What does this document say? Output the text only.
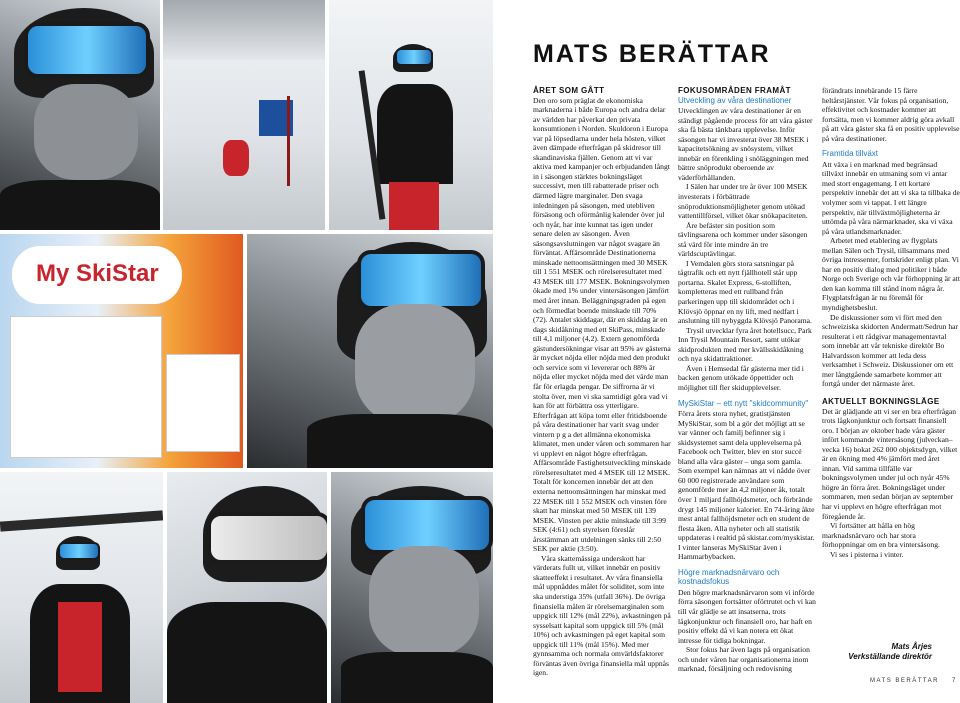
My SkiStar
MATS BERÄTTAR
ÅRET SOM GÅTT

Den oro som präglat de ekonomiska marknaderna i både Europa och andra delar av världen har påverkat den privata konsumtionen i Norden. Skuldoron i Europa var på löpsedlarna under hela hösten, vilket även dämpade efterfrågan på skidresor till skandinaviska fjällen. Genom att vi var aktiva med kampanjer och erbjudanden långt in i säsongen stärktes bokningsläget successivt, men till rabatterade priser och därmed lägre marginaler. Den svaga inledningen på säsongen, med utebliven försäsong och oförmånlig kalender över jul och nyår, har inte kunnat tas igen under senare delen av säsongen. Även säsongsavslutningen var något svagare än förväntat. Affärsområde Destinationerna minskade nettoomsättningen med 30 MSEK till 1 551 MSEK och rörelseresultatet med 43 MSEK till 177 MSEK. Bokningsvolymen ökade med 1% under vintersäsongen jämfört med året innan. Beläggningsgraden på egen och förmedlat boende minskade till 70% (72). Antalet skiddagar, där en skiddag är en dags skidåkning med ett SkiPass, minskade till 4,1 miljoner (4,2). Extern genomförda gästundersökningar visar att 95% av gästerna är mycket nöjda eller nöjda med den produkt och service som vi levererar och 88% är nöjda eller mycket nöjda med det värde man får för erlagda pengar. De siffrorna är vi stolta över, men vi ska samtidigt göra vad vi kan för att förbättra oss ytterligare. Efterfrågan att köpa tomt eller fritidsboende på våra destinationer har varit svag under vintern p g a det allmänna ekonomiska klimatet, men under våren och sommaren har vi upplevt en något högre efterfrågan. Affärsområde Fastighetsutveckling minskade rörelseresultatet med 4 MSEK till 12 MSEK. Totalt för koncernen innebär det att den externa nettoomsättningen har minskat med 22 MSEK till 1 552 MSEK och vinsten före skatt har minskat med 50 MSEK till 139 MSEK. Vinsten per aktie minskade till 3:99 SEK (4:61) och styrelsen föreslår årsstämman att utdelningen sänks till 2:50 SEK per aktie (3:50).

Våra skattemässiga underskott har värderats fullt ut, vilket innebär en positiv skatteeffekt i resultatet. Av våra finansiella mål uppnåddes målet för soliditet, som inte ska understiga 35% (utfall 36%). De övriga finansiella målen är rörelsemarginalen som uppgick till 12% (mål 22%), avkastningen på sysselsatt kapital som uppgick till 5% (mål 10%) och avkastningen på eget kapital som uppgick till 11% (mål 15%). Med mer gynnsamma och normala omvärldsfaktorer förväntas även övriga finansiella mål uppnås igen.

FOKUSOMRÅDEN FRAMÅT
Utveckling av våra destinationer

Utvecklingen av våra destinationer är en ständigt pågående process för att våra gäster ska få bästa tänkbara upplevelse. Inför säsongen har vi investerat över 38 MSEK i kapacitetsökning av snösystem, vilket innebär en förenkling i snöläggningen med bättre snöprodukt oberoende av väderförhållanden.

I Sälen har under tre år över 100 MSEK investerats i förbättrade snöproduktionsmöjligheter genom utökad vattentillförsel, vilket ökar snökapaciteten.

Åre befäster sin position som tävlingsarena och kommer under säsongen stå värd för inte mindre än tre världscuptävlingar.

I Vemdalen görs stora satsningar på tågtrafik och ett nytt fjällhotell står upp portarna. Skalet Express, 6-stolliften, kompletteras med ett rullband från parkeringen upp till skidområdet och i Klövsjö öppnar en ny lift, med nedfart i anslutning till nybyggda Klövsjö Panorama.

Trysil utvecklar fyra året hotellsucc, Park Inn Trysil Mountain Resort, samt utökar skidprodukten med mer kvällsskidåkning och nya skidattraktioner.

Även i Hemsedal får gästerna mer tid i backen genom utökade öppettider och möjlighet till fler skidupplevelser.

MySkiStar – ett nytt "skidcommunity"

Förra årets stora nyhet, gratistjänsten MySkiStar, som bl a gör det möjligt att se var vänner och familj befinner sig i skidsystemet samt dela upplevelserna på Facebook och Twitter, blev en stor succé bland alla våra gäster – unga som gamla. Som exempel kan nämnas att vi nådde över 60 000 registrerade användare som genomförde mer än 4,2 miljoner åk, totalt över 1 miljard fallhöjdsmeter, och förbrände drygt 145 miljoner kalorier. En 74-åring åkte mest antal fallhöjdsmeter och en student de flesta åken. Alla nyheter och all statistik uppdateras i realtid på skistar.com/myskistar. I vinter lanseras MySkiStar även i Hammarbybacken.

Högre marknadsnärvaro och kostnadsfokus

Den högre marknadsnärvaron som vi införde förra säsongen fortsätter oförtrutet och vi kan till vår glädje se att insatserna, trots lågkonjunktur och finansiell oro, har haft en positiv effekt då vi kan notera ett ökat intresse för tidiga bokningar.

Stor fokus har även lagts på organisation och under våren har organisationerna inom marknad, försäljning och redovisning

förändrats innebärande 15 färre heltårstjänster. Vår fokus på organisation, effektivitet och kostnader kommer att fortsätta, men vi kommer aldrig göra avkall på att våra gäster ska få en positiv upplevelse på våra destinationer.

Framtida tillväxt

Att växa i en marknad med begränsad tillväxt innebär en utmaning som vi antar med stort engagemang. I ett kortare perspektiv innebär det att vi ska ta tillbaka de volymer som vi tappat. I ett längre perspektiv, när tillväxtmöjligheterna är uttömda på våra närmarknader, ska vi växa på våra utlandsmarknader.

Arbetet med etablering av flygplats mellan Sälen och Trysil, tillsammans med övriga intressenter, fortskrider enligt plan. Vi har en positiv dialog med politiker i både Norge och Sverige och vår förhoppning är att den kan komma till stånd inom några år. Flygplatsfrågan är nu föremål för myndighetsbeslut.

De diskussioner som vi fört med den schweiziska skidorten Andermatt/Sedrun har resulterat i ett rådgivar managementavtal som innebär att vår tekniske direktör Bo Halvardsson kommer att leda dess verksamhet i Schweiz. Diskussioner om ett mer långtgående samarbete kommer att fortgå under det närmaste året.

AKTUELLT BOKNINGSLÄGE

Det är glädjande att vi ser en bra efterfrågan trots lågkonjunktur och fortsatt finansiell oro. I början av oktober hade våra gäster infört kommande vintersäsong (julveckan–vecka 16) bokat 262 000 objektsdygn, vilket är en ökning med 4% jämfört med året innan. Vid samma tillfälle var bokningsvolymen under jul och nyår 45% högre än förra året. Bokningsläget under sommaren, men sedan början av september har vi upplevt en högre efterfrågan mot föregående år.

Vi fortsätter att hålla en hög marknadsnärvaro och har stora förhoppningar om en bra vintersäsong.

Vi ses i pisterna i vinter.

Mats Årjes
Verkställande direktör
MATS BERÄTTAR 7
